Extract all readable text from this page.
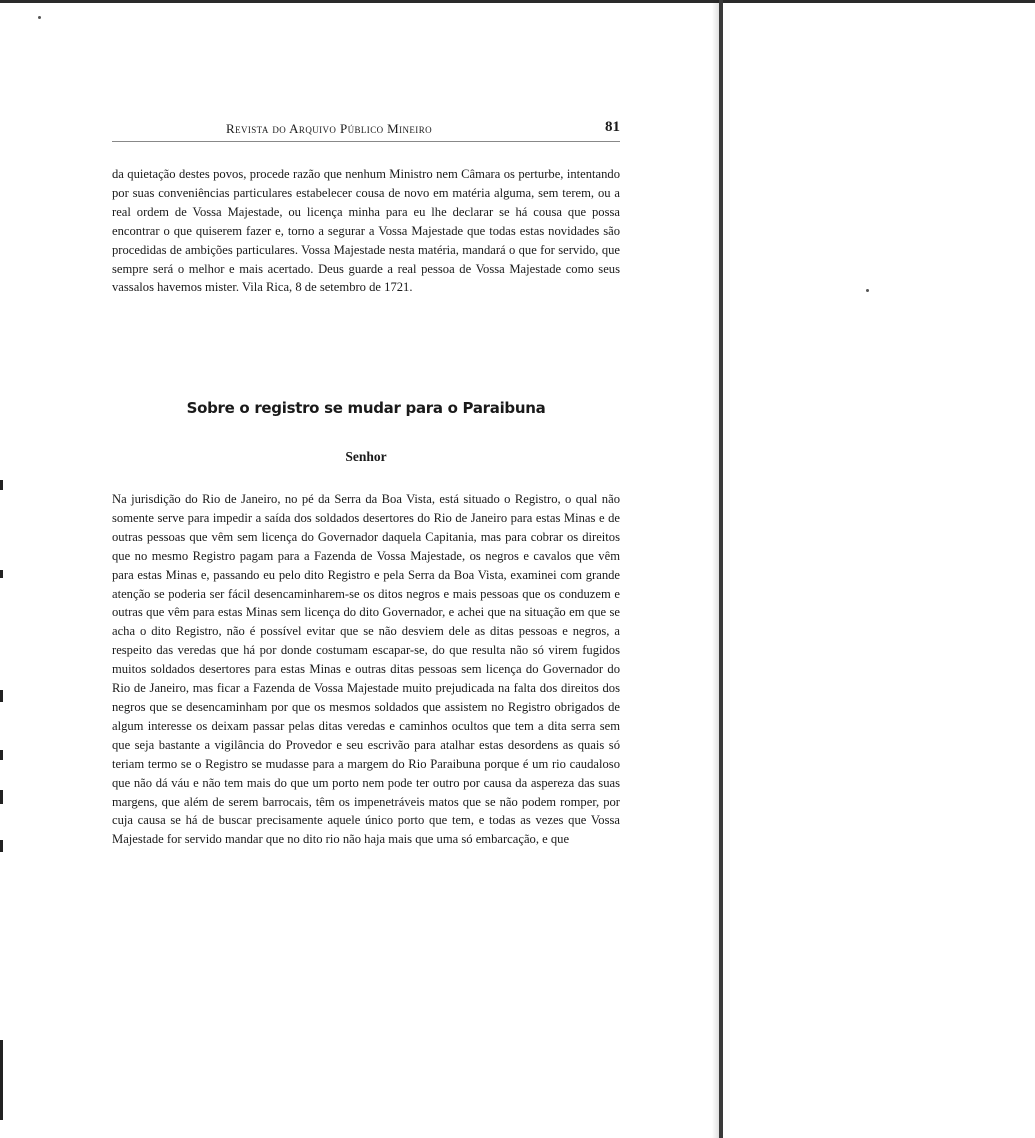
Revista do Arquivo Público Mineiro	81

da quietação destes povos, procede razão que nenhum Ministro nem Câmara os perturbe, intentando por suas conveniências particulares estabelecer cousa de novo em matéria alguma, sem terem, ou a real ordem de Vossa Majestade, ou licença minha para eu lhe declarar se há cousa que possa encontrar o que quiserem fazer e, torno a segurar a Vossa Majestade que todas estas novidades são procedidas de ambições particulares. Vossa Majestade nesta matéria, mandará o que for servido, que sempre será o melhor e mais acertado. Deus guarde a real pessoa de Vossa Majestade como seus vassalos havemos mister. Vila Rica, 8 de setembro de 1721.

Sobre o registro se mudar para o Paraibuna
Senhor

Na jurisdição do Rio de Janeiro, no pé da Serra da Boa Vista, está situado o Registro, o qual não somente serve para impedir a saída dos soldados desertores do Rio de Janeiro para estas Minas e de outras pessoas que vêm sem licença do Governador daquela Capitania, mas para cobrar os direitos que no mesmo Registro pagam para a Fazenda de Vossa Majestade, os negros e cavalos que vêm para estas Minas e, passando eu pelo dito Registro e pela Serra da Boa Vista, examinei com grande atenção se poderia ser fácil desencaminharem-se os ditos negros e mais pessoas que os conduzem e outras que vêm para estas Minas sem licença do dito Governador, e achei que na situação em que se acha o dito Registro, não é possível evitar que se não desviem dele as ditas pessoas e negros, a respeito das veredas que há por donde costumam escapar-se, do que resulta não só virem fugidos muitos soldados desertores para estas Minas e outras ditas pessoas sem licença do Governador do Rio de Janeiro, mas ficar a Fazenda de Vossa Majestade muito prejudicada na falta dos direitos dos negros que se desencaminham por que os mesmos soldados que assistem no Registro obrigados de algum interesse os deixam passar pelas ditas veredas e caminhos ocultos que tem a dita serra sem que seja bastante a vigilância do Provedor e seu escrivão para atalhar estas desordens as quais só teriam termo se o Registro se mudasse para a margem do Rio Paraibuna porque é um rio caudaloso que não dá váu e não tem mais do que um porto nem pode ter outro por causa da aspereza das suas margens, que além de serem barrocais, têm os impenetráveis matos que se não podem romper, por cuja causa se há de buscar precisamente aquele único porto que tem, e todas as vezes que Vossa Majestade for servido mandar que no dito rio não haja mais que uma só embarcação, e que
